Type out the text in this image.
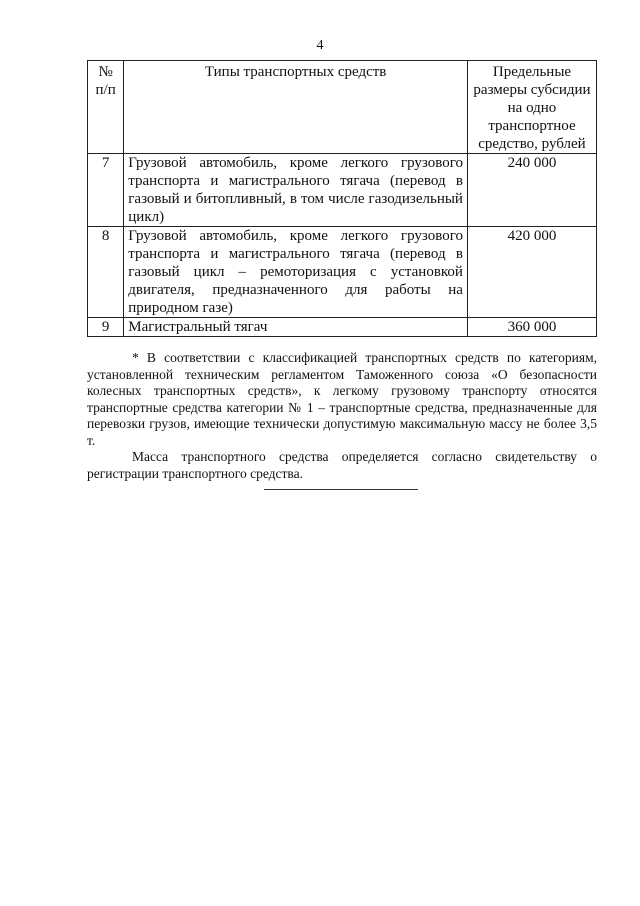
4
№ п/п	Типы транспортных средств	Предельные размеры субсидии на одно транспортное средство, рублей
7	Грузовой автомобиль, кроме легкого грузового транспорта и магистрального тягача (перевод в газовый и битопливный, в том числе газодизельный цикл)	240 000
8	Грузовой автомобиль, кроме легкого грузового транспорта и магистрального тягача (перевод в газовый цикл – ремоторизация с установкой двигателя, предназначенного для работы на природном газе)	420 000
9	Магистральный тягач	360 000

* В соответствии с классификацией транспортных средств по категориям, установленной техническим регламентом Таможенного союза «О безопасности колесных транспортных средств», к легкому грузовому транспорту относятся транспортные средства категории № 1 – транспортные средства, предназначенные для перевозки грузов, имеющие технически допустимую максимальную массу не более 3,5 т.

Масса транспортного средства определяется согласно свидетельству о регистрации транспортного средства.
